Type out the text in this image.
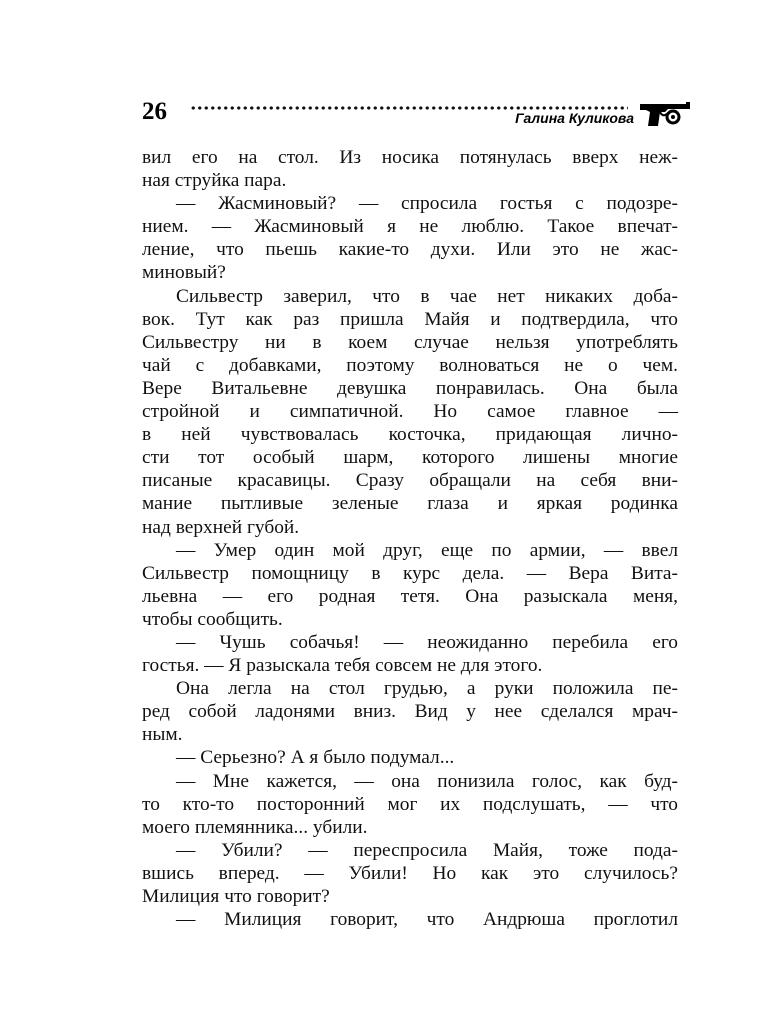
26	Галина Куликова
вил его на стол. Из носика потянулась вверх неж-
ная струйка пара.
— Жасминовый? — спросила гостья с подозре-
нием. — Жасминовый я не люблю. Такое впечат-
ление, что пьешь какие-то духи. Или это не жас-
миновый?
Сильвестр заверил, что в чае нет никаких доба-
вок. Тут как раз пришла Майя и подтвердила, что
Сильвестру ни в коем случае нельзя употреблять
чай с добавками, поэтому волноваться не о чем.
Вере Витальевне девушка понравилась. Она была
стройной и симпатичной. Но самое главное —
в ней чувствовалась косточка, придающая лично-
сти тот особый шарм, которого лишены многие
писаные красавицы. Сразу обращали на себя вни-
мание пытливые зеленые глаза и яркая родинка
над верхней губой.
— Умер один мой друг, еще по армии, — ввел
Сильвестр помощницу в курс дела. — Вера Вита-
льевна — его родная тетя. Она разыскала меня,
чтобы сообщить.
— Чушь собачья! — неожиданно перебила его
гостья. — Я разыскала тебя совсем не для этого.
Она легла на стол грудью, а руки положила пе-
ред собой ладонями вниз. Вид у нее сделался мрач-
ным.
— Серьезно? А я было подумал...
— Мне кажется, — она понизила голос, как буд-
то кто-то посторонний мог их подслушать, — что
моего племянника... убили.
— Убили? — переспросила Майя, тоже пода-
вшись вперед. — Убили! Но как это случилось?
Милиция что говорит?
— Милиция говорит, что Андрюша проглотил
